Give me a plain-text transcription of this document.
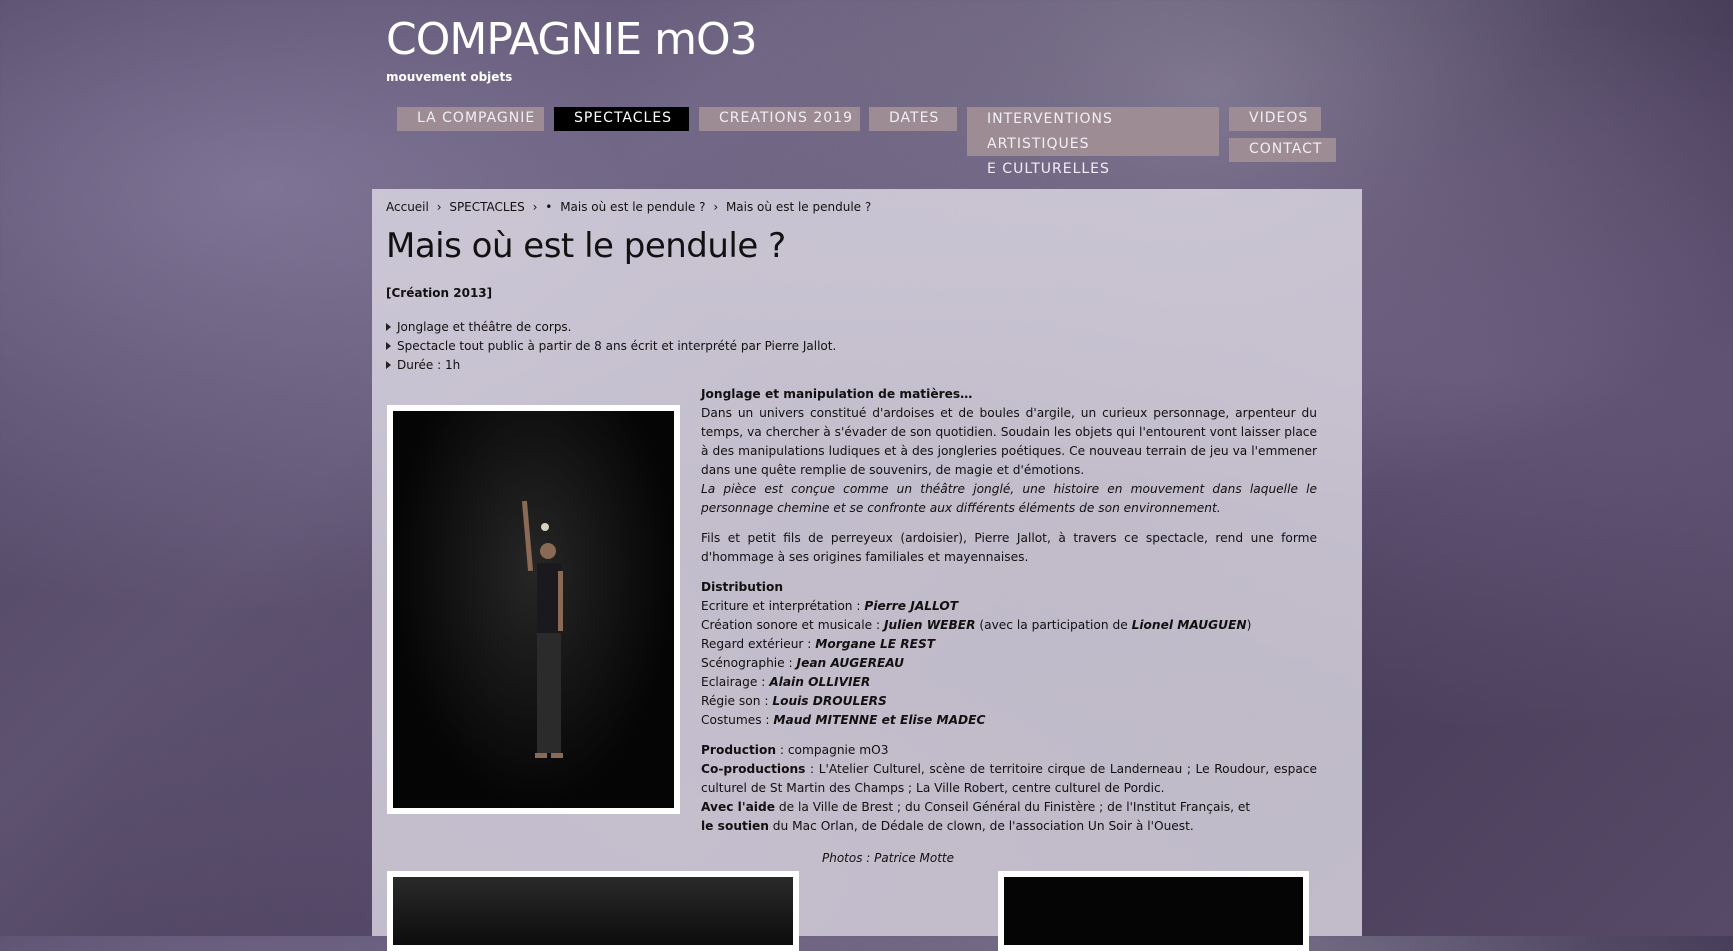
COMPAGNIE mO3
mouvement objets
LA COMPAGNIE	SPECTACLES	CREATIONS 2019	DATES	INTERVENTIONS ARTISTIQUES
E CULTURELLES
VIDEOS
CONTACT
Accueil › SPECTACLES › • Mais où est le pendule ? › Mais où est le pendule ?
Mais où est le pendule ?
[Création 2013]
Jonglage et théâtre de corps.
Spectacle tout public à partir de 8 ans écrit et interprété par Pierre Jallot.
Durée : 1h

Jonglage et manipulation de matières…

Dans un univers constitué d'ardoises et de boules d'argile, un curieux personnage, arpenteur du temps, va chercher à s'évader de son quotidien. Soudain les objets qui l'entourent vont laisser place à des manipulations ludiques et à des jongleries poétiques. Ce nouveau terrain de jeu va l'emmener dans une quête remplie de souvenirs, de magie et d'émotions.

La pièce est conçue comme un théâtre jonglé, une histoire en mouvement dans laquelle le personnage chemine et se confronte aux différents éléments de son environnement.

Fils et petit fils de perreyeux (ardoisier), Pierre Jallot, à travers ce spectacle, rend une forme d'hommage à ses origines familiales et mayennaises.

Distribution

Ecriture et interprétation : Pierre JALLOT

Création sonore et musicale : Julien WEBER (avec la participation de Lionel MAUGUEN)

Regard extérieur : Morgane LE REST

Scénographie : Jean AUGEREAU

Eclairage : Alain OLLIVIER

Régie son : Louis DROULERS

Costumes : Maud MITENNE et Elise MADEC

Production : compagnie mO3

Co-productions : L'Atelier Culturel, scène de territoire cirque de Landerneau ; Le Roudour, espace culturel de St Martin des Champs ; La Ville Robert, centre culturel de Pordic.

Avec l'aide de la Ville de Brest ; du Conseil Général du Finistère ; de l'Institut Français, et

le soutien du Mac Orlan, de Dédale de clown, de l'association Un Soir à l'Ouest.

Photos : Patrice Motte
